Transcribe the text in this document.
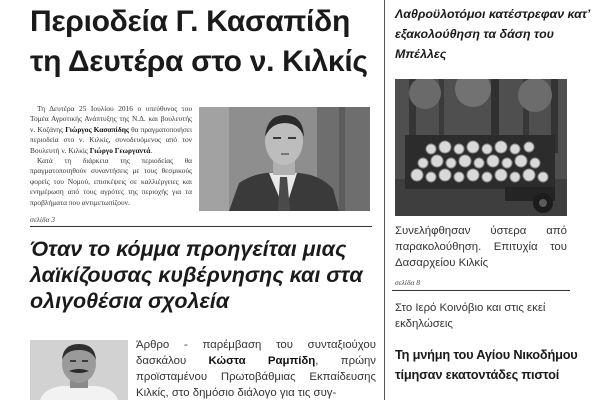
Περιοδεία Γ. Κασαπίδη τη Δευτέρα στο ν. Κιλκίς

Τη Δευτέρα 25 Ιουλίου 2016 ο υπεύθυνος του Τομέα Αγροτικής Ανάπτυξης της Ν.Δ. και βουλευτής ν. Κοζάνης Γιώργος Κασαπίδης θα πραγματοποιήσει περιοδεία στο ν. Κιλκίς, συνοδευόμενος από τον Βουλευτή ν. Κιλκίς Γιώργο Γεωργαντά.

Κατά τη διάρκεια της περιοδείας θα πραγματοποιηθούν συναντήσεις με τους θεσμικούς φορείς του Νομού, επισκέψεις σε καλλιέργειες και ενημέρωση από τους αγρότες της περιοχής για τα προβλήματα που αντιμετωπίζουν.

σελίδα 3
Όταν το κόμμα προηγείται μιας λαϊκίζουσας κυβέρνησης και στα ολιγοθέσια σχολεία
Άρθρο - παρέμβαση του συνταξιούχου δασκάλου Κώστα Ραμπίδη, πρώην προϊσταμένου Πρωτοβάθμιας Εκπαίδευσης Κιλκίς, στο δημόσιο διάλογο για τις συγ-
Λαθροϋλοτόμοι κατέστρεφαν κατ’ εξακολούθηση τα δάση του Μπέλλες
Συνελήφθησαν ύστερα από παρακολούθηση. Επιτυχία του Δασαρχείου Κιλκίς
σελίδα 8
Στο Ιερό Κοινόβιο και στις εκεί εκδηλώσεις
Τη μνήμη του Αγίου Νικοδήμου τίμησαν εκατοντάδες πιστοί
